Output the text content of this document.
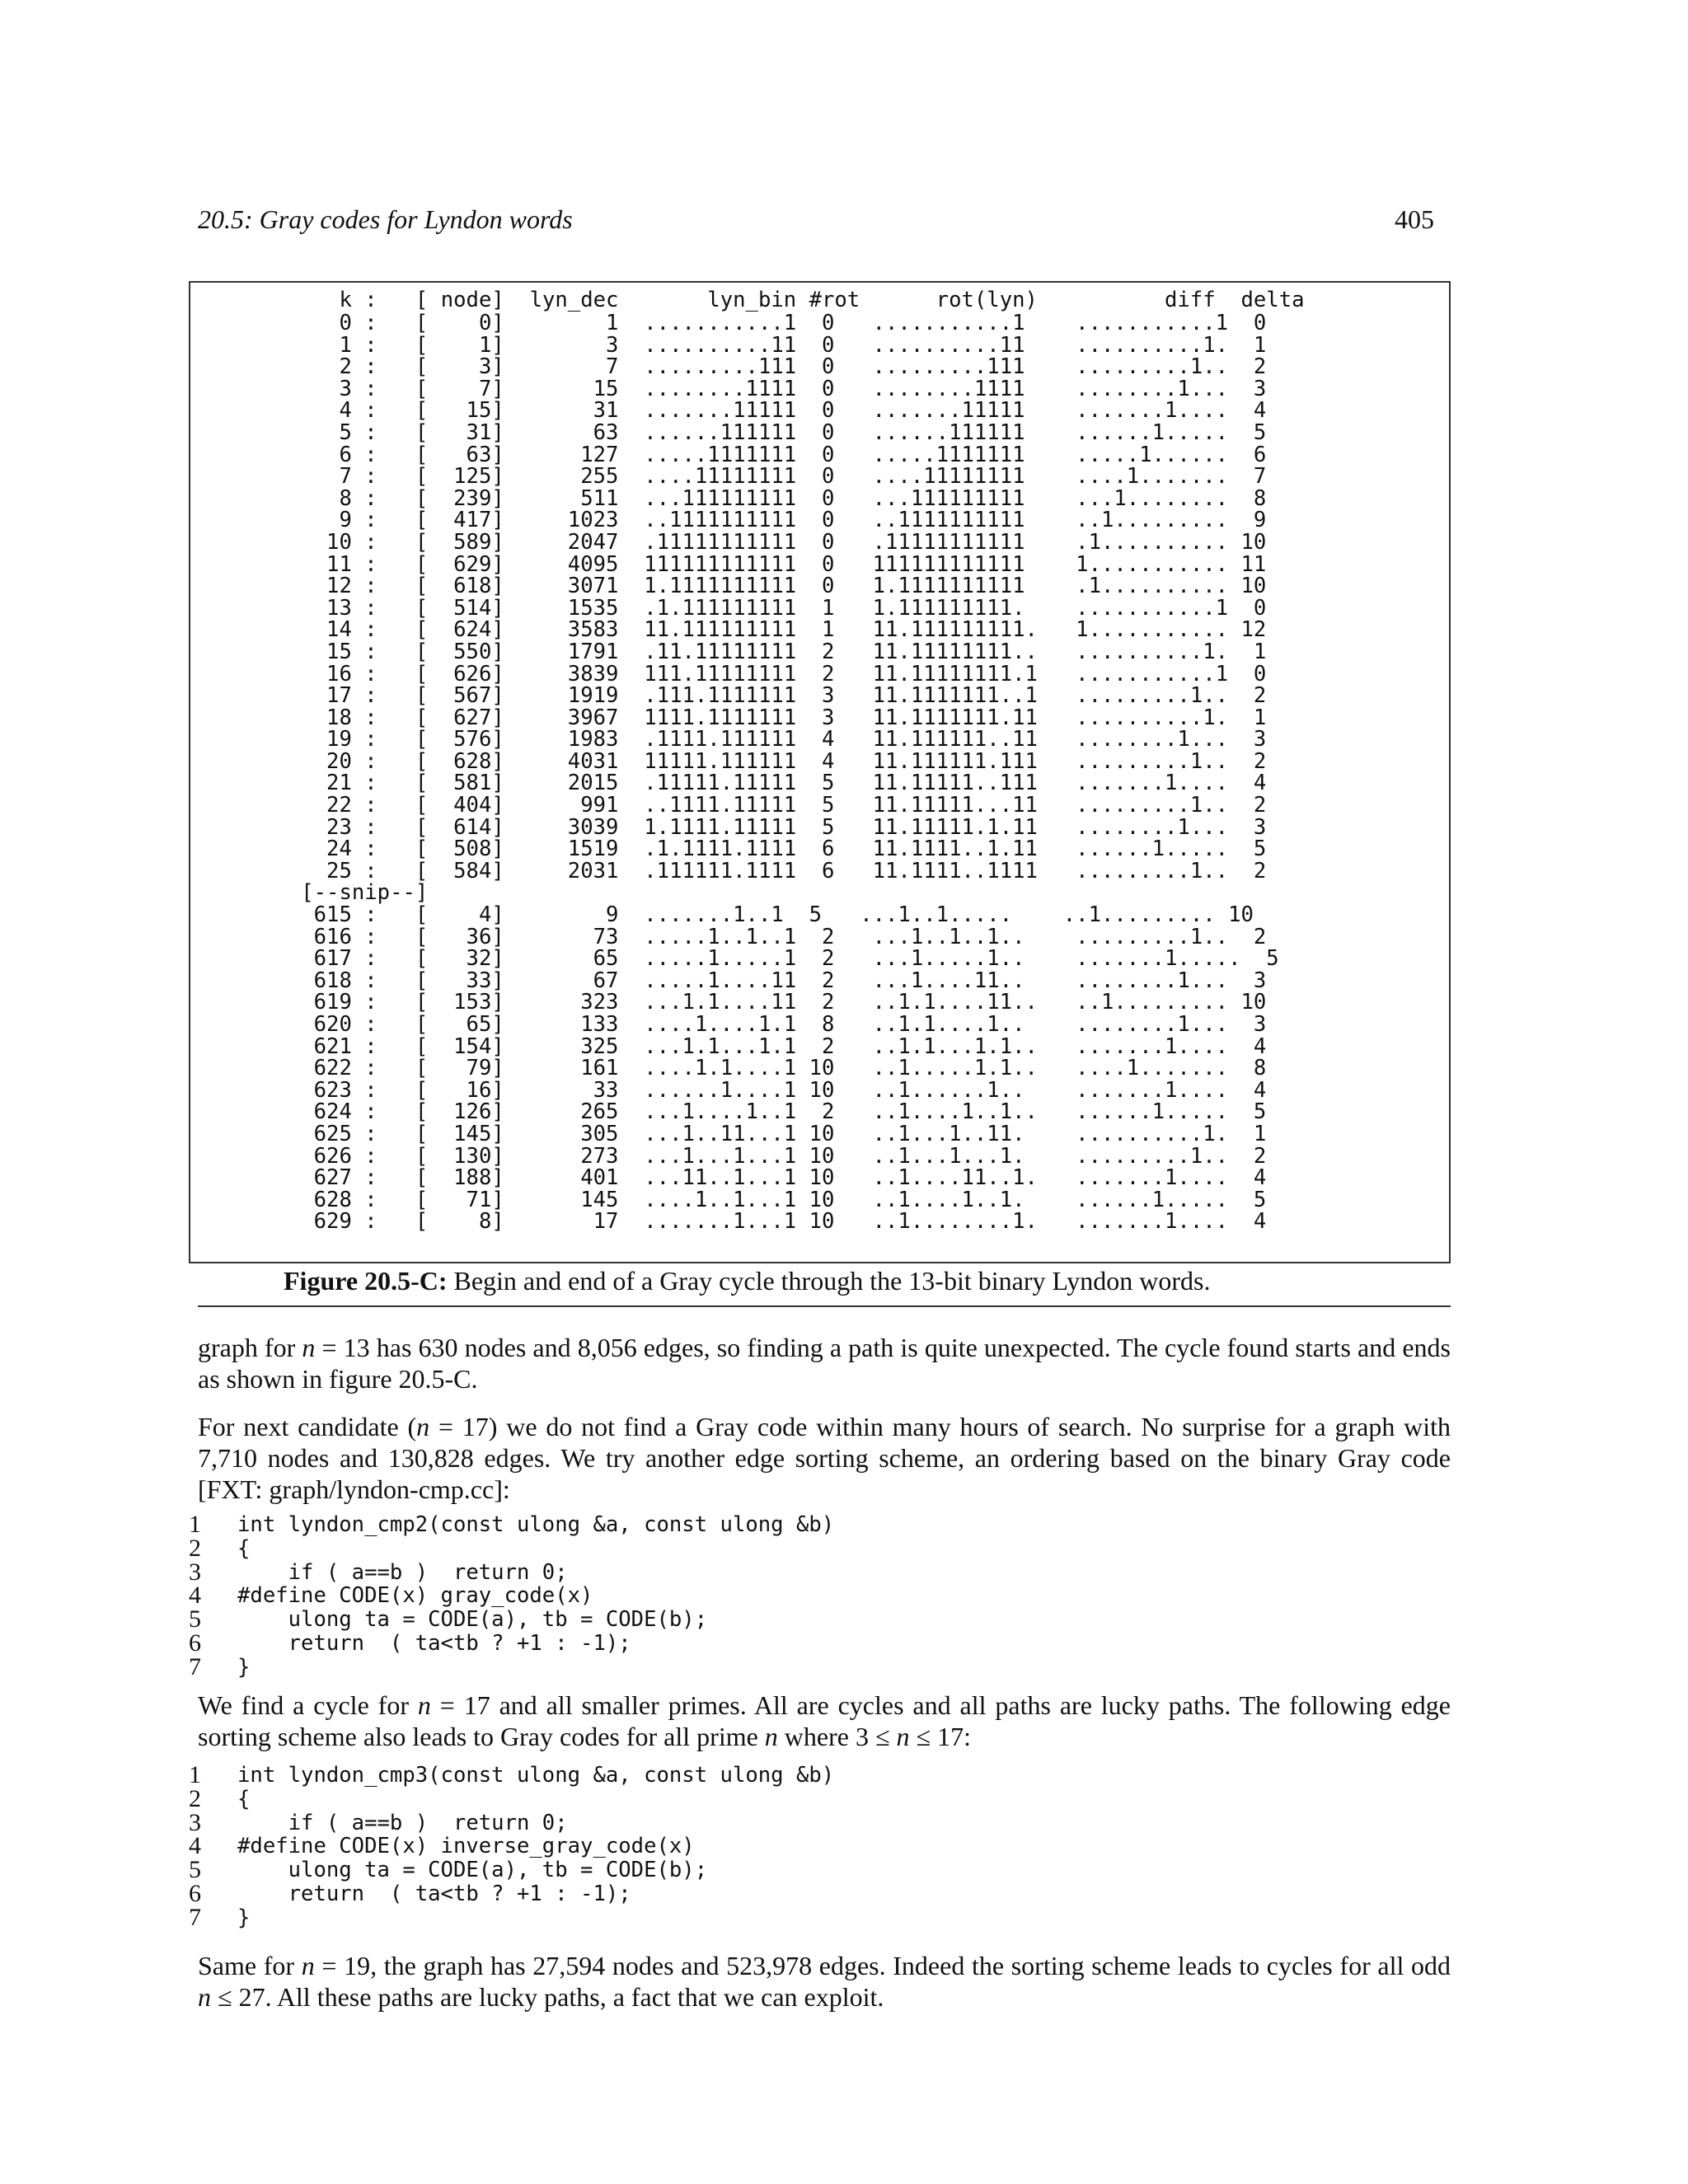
20.5: Gray codes for Lyndon words	405
k :   [ node]  lyn_dec       lyn_bin #rot      rot(lyn)          diff  delta
0 :   [    0]        1  ...........1  0   ...........1    ...........1  0
1 :   [    1]        3  ..........11  0   ..........11    ..........1.  1
2 :   [    3]        7  .........111  0   .........111    .........1..  2
3 :   [    7]       15  ........1111  0   ........1111    ........1...  3
4 :   [   15]       31  .......11111  0   .......11111    .......1....  4
5 :   [   31]       63  ......111111  0   ......111111    ......1.....  5
6 :   [   63]      127  .....1111111  0   .....1111111    .....1......  6
7 :   [  125]      255  ....11111111  0   ....11111111    ....1.......  7
8 :   [  239]      511  ...111111111  0   ...111111111    ...1........  8
9 :   [  417]     1023  ..1111111111  0   ..1111111111    ..1.........  9
10 :   [  589]     2047  .11111111111  0   .11111111111    .1.......... 10
11 :   [  629]     4095  111111111111  0   111111111111    1........... 11
12 :   [  618]     3071  1.1111111111  0   1.1111111111    .1.......... 10
13 :   [  514]     1535  .1.111111111  1   1.111111111.    ...........1  0
14 :   [  624]     3583  11.111111111  1   11.111111111.   1........... 12
15 :   [  550]     1791  .11.11111111  2   11.11111111..   ..........1.  1
16 :   [  626]     3839  111.11111111  2   11.11111111.1   ...........1  0
17 :   [  567]     1919  .111.1111111  3   11.1111111..1   .........1..  2
18 :   [  627]     3967  1111.1111111  3   11.1111111.11   ..........1.  1
19 :   [  576]     1983  .1111.111111  4   11.111111..11   ........1...  3
20 :   [  628]     4031  11111.111111  4   11.111111.111   .........1..  2
21 :   [  581]     2015  .11111.11111  5   11.11111..111   .......1....  4
22 :   [  404]      991  ..1111.11111  5   11.11111...11   .........1..  2
23 :   [  614]     3039  1.1111.11111  5   11.11111.1.11   ........1...  3
24 :   [  508]     1519  .1.1111.1111  6   11.1111..1.11   ......1.....  5
25 :   [  584]     2031  .111111.1111  6   11.1111..1111   .........1..  2
[--snip--]
615 :   [    4]        9  .......1..1  5   ...1..1.....    ..1......... 10
616 :   [   36]       73  .....1..1..1  2   ...1..1..1..    .........1..  2
617 :   [   32]       65  .....1.....1  2   ...1.....1..    .......1.....  5
618 :   [   33]       67  .....1....11  2   ...1....11..    ........1...  3
619 :   [  153]      323  ...1.1....11  2   ..1.1....11..   ..1......... 10
620 :   [   65]      133  ....1....1.1  8   ..1.1....1..    ........1...  3
621 :   [  154]      325  ...1.1...1.1  2   ..1.1...1.1..   .......1....  4
622 :   [   79]      161  ....1.1....1 10   ..1.....1.1..   ....1.......  8
623 :   [   16]       33  ......1....1 10   ..1......1..    .......1....  4
624 :   [  126]      265  ...1....1..1  2   ..1....1..1..   ......1.....  5
625 :   [  145]      305  ...1..11...1 10   ..1...1..11.    ..........1.  1
626 :   [  130]      273  ...1...1...1 10   ..1...1...1.    .........1..  2
627 :   [  188]      401  ...11..1...1 10   ..1....11..1.   .......1....  4
628 :   [   71]      145  ....1..1...1 10   ..1....1..1.    ......1.....  5
629 :   [    8]       17  .......1...1 10   ..1........1.   .......1....  4
Figure 20.5-C: Begin and end of a Gray cycle through the 13-bit binary Lyndon words.

graph for n = 13 has 630 nodes and 8,056 edges, so finding a path is quite unexpected. The cycle found starts and ends as shown in figure 20.5-C.

For next candidate (n = 17) we do not find a Gray code within many hours of search. No surprise for a graph with 7,710 nodes and 130,828 edges. We try another edge sorting scheme, an ordering based on the binary Gray code [FXT: graph/lyndon-cmp.cc]:

1 int lyndon_cmp2(const ulong &a, const ulong &b)
2 {
3 if ( a==b )  return 0;
4 #define CODE(x) gray_code(x)
5 ulong ta = CODE(a), tb = CODE(b);
6 return  ( ta<tb ? +1 : -1);
7 }

We find a cycle for n = 17 and all smaller primes. All are cycles and all paths are lucky paths. The following edge sorting scheme also leads to Gray codes for all prime n where 3 ≤ n ≤ 17:

1 int lyndon_cmp3(const ulong &a, const ulong &b)
2 {
3 if ( a==b )  return 0;
4 #define CODE(x) inverse_gray_code(x)
5 ulong ta = CODE(a), tb = CODE(b);
6 return  ( ta<tb ? +1 : -1);
7 }

Same for n = 19, the graph has 27,594 nodes and 523,978 edges. Indeed the sorting scheme leads to cycles for all odd n ≤ 27. All these paths are lucky paths, a fact that we can exploit.
